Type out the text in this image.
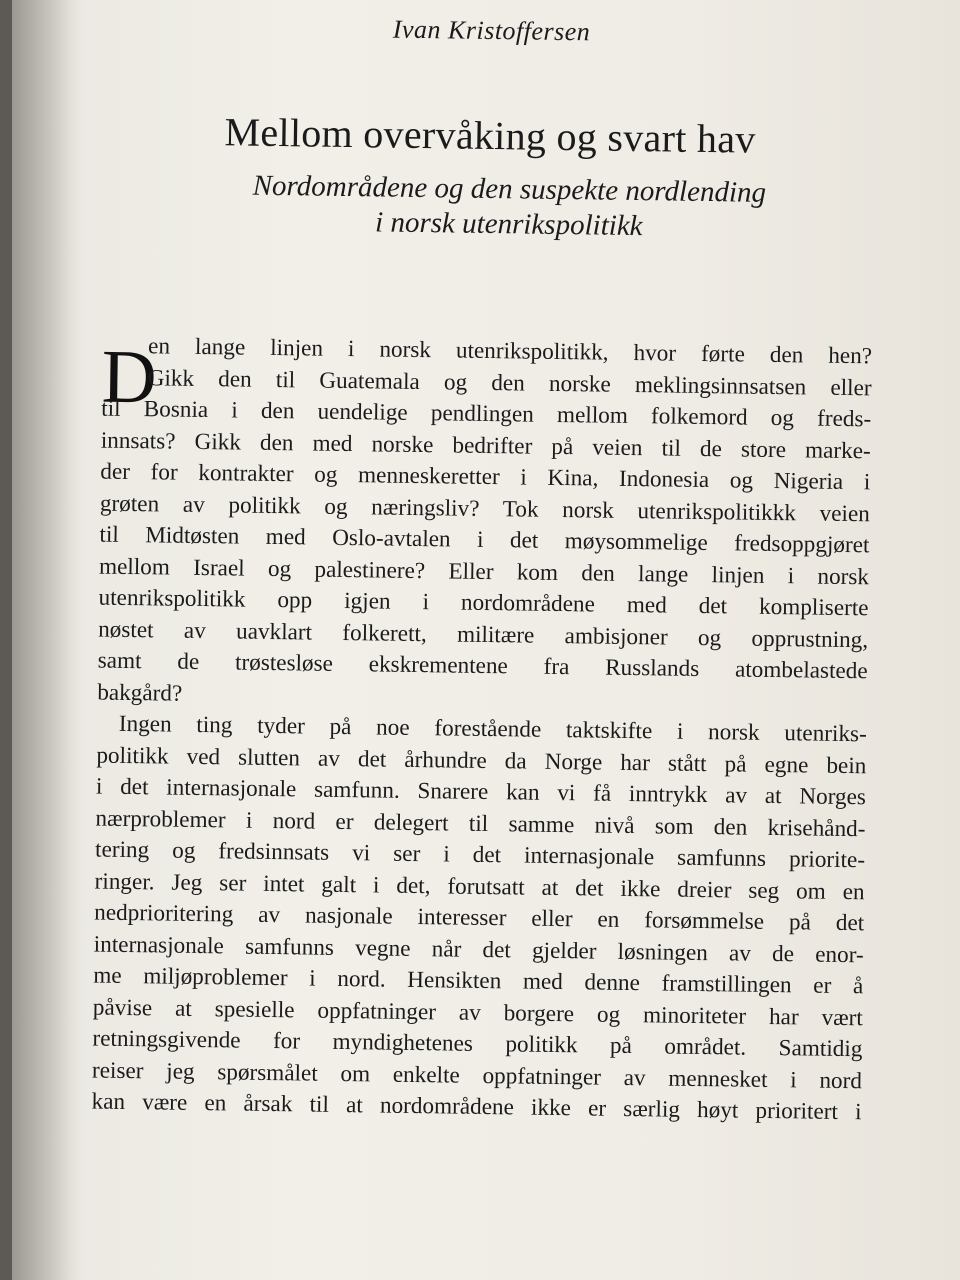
Ivan Kristoffersen
Mellom overvåking og svart hav
Nordområdene og den suspekte nordlending
i norsk utenrikspolitikk
D
en lange linjen i norsk utenrikspolitikk, hvor førte den hen?
Gikk den til Guatemala og den norske meklingsinnsatsen eller
til Bosnia i den uendelige pendlingen mellom folkemord og freds-
innsats? Gikk den med norske bedrifter på veien til de store marke-
der for kontrakter og menneskeretter i Kina, Indonesia og Nigeria i
grøten av politikk og næringsliv? Tok norsk utenrikspolitikkk veien
til Midtøsten med Oslo-avtalen i det møysommelige fredsoppgjøret
mellom Israel og palestinere? Eller kom den lange linjen i norsk
utenrikspolitikk opp igjen i nordområdene med det kompliserte
nøstet av uavklart folkerett, militære ambisjoner og opprustning,
samt de trøstesløse ekskrementene fra Russlands atombelastede
bakgård?
Ingen ting tyder på noe forestående taktskifte i norsk utenriks-
politikk ved slutten av det århundre da Norge har stått på egne bein
i det internasjonale samfunn. Snarere kan vi få inntrykk av at Norges
nærproblemer i nord er delegert til samme nivå som den krisehånd-
tering og fredsinnsats vi ser i det internasjonale samfunns priorite-
ringer. Jeg ser intet galt i det, forutsatt at det ikke dreier seg om en
nedprioritering av nasjonale interesser eller en forsømmelse på det
internasjonale samfunns vegne når det gjelder løsningen av de enor-
me miljøproblemer i nord. Hensikten med denne framstillingen er å
påvise at spesielle oppfatninger av borgere og minoriteter har vært
retningsgivende for myndighetenes politikk på området. Samtidig
reiser jeg spørsmålet om enkelte oppfatninger av mennesket i nord
kan være en årsak til at nordområdene ikke er særlig høyt prioritert i
